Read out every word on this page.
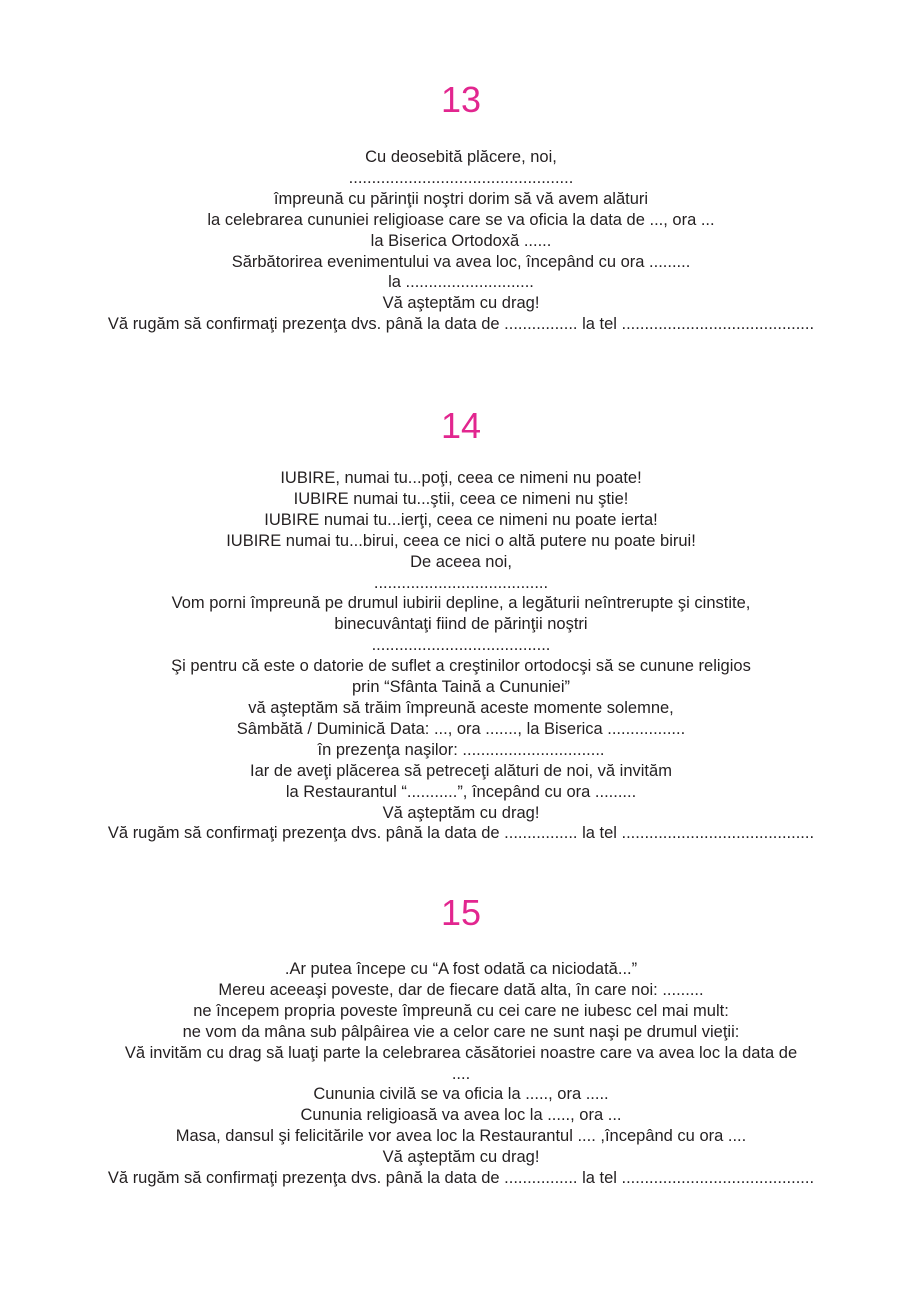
13
Cu deosebită plăcere, noi,
.................................................
împreună cu părinţii noştri dorim să vă avem alături
la celebrarea cununiei religioase care se va oficia la data de ..., ora ...
la Biserica Ortodoxă ......
Sărbătorirea evenimentului va avea loc, începând cu ora .........
la ............................
Vă aşteptăm cu drag!
Vă rugăm să confirmaţi prezenţa dvs. până la data de ................ la tel ..........................................
14
IUBIRE, numai tu...poţi, ceea ce nimeni nu poate!
IUBIRE numai tu...ştii, ceea ce nimeni nu ştie!
IUBIRE numai tu...ierţi, ceea ce nimeni nu poate ierta!
IUBIRE numai tu...birui, ceea ce nici o altă putere nu poate birui!
De aceea noi,
......................................
Vom porni împreună pe drumul iubirii depline, a legăturii neîntrerupte şi cinstite,
binecuvântaţi fiind de părinţii noştri
.......................................
Şi pentru că este o datorie de suflet a creştinilor ortodocşi să se cunune religios
prin “Sfânta Taină a Cununiei”
vă aşteptăm să trăim împreună aceste momente solemne,
Sâmbătă / Duminică Data: ..., ora ......., la Biserica .................
în prezenţa naşilor: ...............................
Iar de aveţi plăcerea să petreceţi alături de noi, vă invităm
la Restaurantul “...........”, începând cu ora .........
Vă aşteptăm cu drag!
Vă rugăm să confirmaţi prezenţa dvs. până la data de ................ la tel ..........................................
15
.Ar putea începe cu “A fost odată ca niciodată...”
Mereu aceeaşi poveste, dar de fiecare dată alta, în care noi: .........
ne începem propria poveste împreună cu cei care ne iubesc cel mai mult:
ne vom da mâna sub pâlpâirea vie a celor care ne sunt naşi pe drumul vieţii:
Vă invităm cu drag să luaţi parte la celebrarea căsătoriei noastre care va avea loc la data de
....
Cununia civilă se va oficia la ....., ora .....
Cununia religioasă va avea loc la ....., ora ...
Masa, dansul şi felicitările vor avea loc la Restaurantul .... ,începând cu ora ....
Vă aşteptăm cu drag!
Vă rugăm să confirmaţi prezenţa dvs. până la data de ................ la tel ..........................................
